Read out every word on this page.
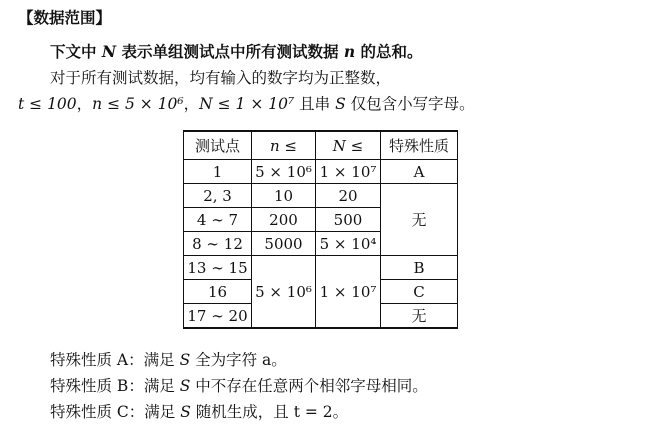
【数据范围】
下文中 N 表示单组测试点中所有测试数据 n 的总和。
对于所有测试数据，均有输入的数字均为正整数，
t ≤ 100，n ≤ 5 × 10⁶，N ≤ 1 × 10⁷ 且串 S 仅包含小写字母。
测试点	n ≤	N ≤	特殊性质
1	5 × 10⁶	1 × 10⁷	A
2, 3	10	20	无
4 ∼ 7	200	500	
8 ∼ 12	5000	5 × 10⁴	
13 ∼ 15	5 × 10⁶	1 × 10⁷	B
16			C
17 ∼ 20			无
特殊性质 A：满足 S 全为字符 a。
特殊性质 B：满足 S 中不存在任意两个相邻字母相同。
特殊性质 C：满足 S 随机生成，且 t = 2。
